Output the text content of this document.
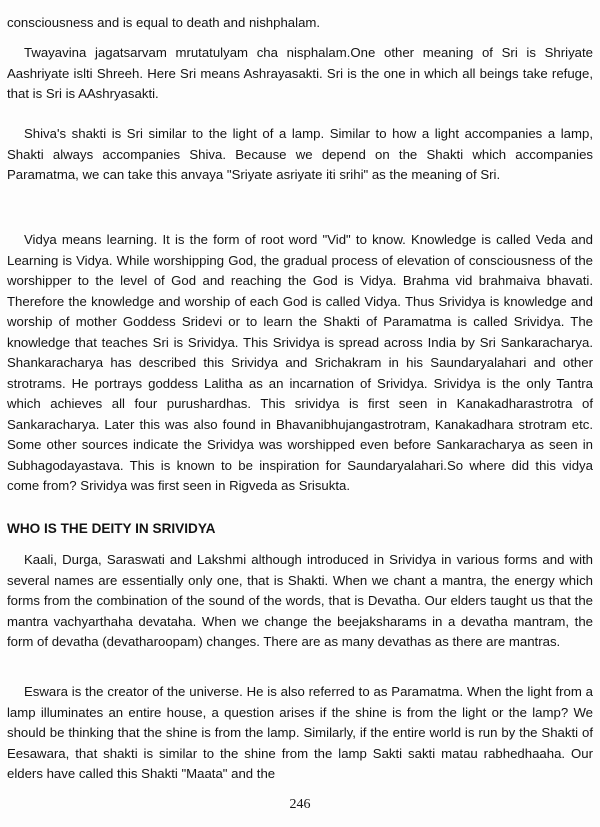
consciousness and is equal to death and nishphalam.

Twayavina jagatsarvam mrutatulyam cha nisphalam.One other meaning of Sri is Shriyate Aashriyate islti Shreeh. Here Sri means Ashrayasakti. Sri is the one in which all beings take refuge, that is Sri is AAshryasakti.

Shiva's shakti is Sri similar to the light of a lamp. Similar to how a light accompanies a lamp, Shakti always accompanies Shiva. Because we depend on the Shakti which accompanies Paramatma, we can take this anvaya "Sriyate asriyate iti srihi" as the meaning of Sri.

Vidya means learning. It is the form of root word "Vid" to know. Knowledge is called Veda and Learning is Vidya. While worshipping God, the gradual process of elevation of consciousness of the worshipper to the level of God and reaching the God is Vidya. Brahma vid brahmaiva bhavati. Therefore the knowledge and worship of each God is called Vidya. Thus Srividya is knowledge and worship of mother Goddess Sridevi or to learn the Shakti of Paramatma is called Srividya. The knowledge that teaches Sri is Srividya. This Srividya is spread across India by Sri Sankaracharya. Shankaracharya has described this Srividya and Srichakram in his Saundaryalahari and other strotrams. He portrays goddess Lalitha as an incarnation of Srividya. Srividya is the only Tantra which achieves all four purushardhas. This srividya is first seen in Kanakadharastrotra of Sankaracharya. Later this was also found in Bhavanibhujangastrotram, Kanakadhara strotram etc. Some other sources indicate the Srividya was worshipped even before Sankaracharya as seen in Subhagodayastava. This is known to be inspiration for Saundaryalahari.So where did this vidya come from? Srividya was first seen in Rigveda as Srisukta.

WHO IS THE DEITY IN SRIVIDYA

Kaali, Durga, Saraswati and Lakshmi although introduced in Srividya in various forms and with several names are essentially only one, that is Shakti. When we chant a mantra, the energy which forms from the combination of the sound of the words, that is Devatha. Our elders taught us that the mantra vachyarthaha devataha. When we change the beejaksharams in a devatha mantram, the form of devatha (devatharoopam) changes. There are as many devathas as there are mantras.

Eswara is the creator of the universe. He is also referred to as Paramatma. When the light from a lamp illuminates an entire house, a question arises if the shine is from the light or the lamp? We should be thinking that the shine is from the lamp. Similarly, if the entire world is run by the Shakti of Eesawara, that shakti is similar to the shine from the lamp Sakti sakti matau rabhedhaaha. Our elders have called this Shakti "Maata" and the

246
